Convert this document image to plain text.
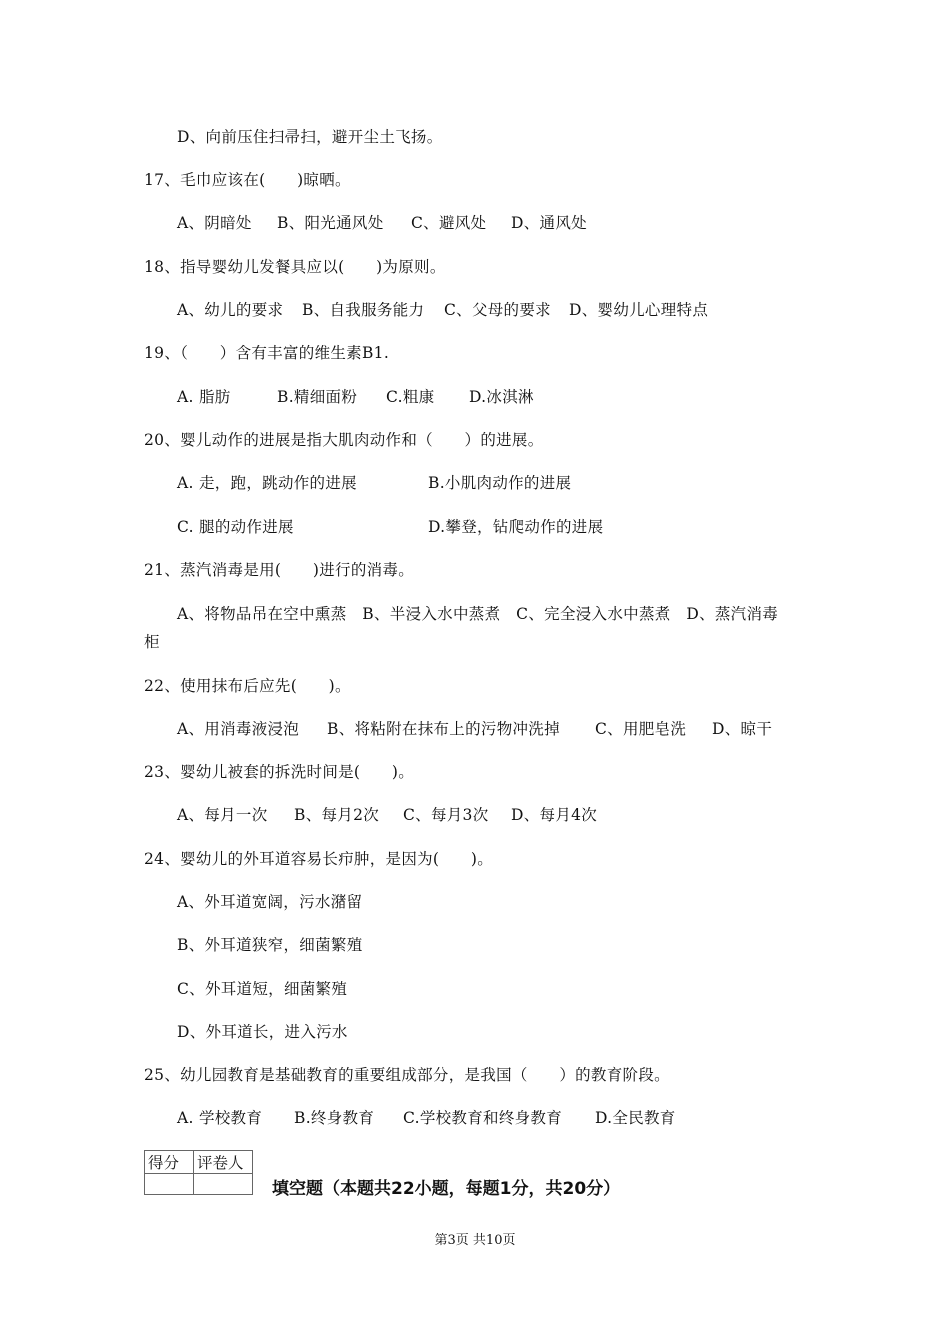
D、向前压住扫帚扫，避开尘土飞扬。
17、毛巾应该在(　　)晾晒。
A、阴暗处 B、阳光通风处 C、避风处 D、通风处
18、指导婴幼儿发餐具应以(　　)为原则。
A、幼儿的要求 B、自我服务能力 C、父母的要求 D、婴幼儿心理特点
19、（　　）含有丰富的维生素B1.
A. 脂肪	B.精细面粉 C.粗康 D.冰淇淋
20、婴儿动作的进展是指大肌肉动作和（　　）的进展。
A. 走，跑，跳动作的进展	B.小肌肉动作的进展
C. 腿的动作进展	D.攀登，钻爬动作的进展
21、蒸汽消毒是用(　　)进行的消毒。
A、将物品吊在空中熏蒸　B、半浸入水中蒸煮　C、完全浸入水中蒸煮　D、蒸汽消毒
柜
22、使用抹布后应先(　　)。
A、用消毒液浸泡 B、将粘附在抹布上的污物冲洗掉 C、用肥皂洗 D、晾干
23、婴幼儿被套的拆洗时间是(　　)。
A、每月一次 B、每月2次 C、每月3次 D、每月4次
24、婴幼儿的外耳道容易长疖肿，是因为(　　)。
A、外耳道宽阔，污水潴留
B、外耳道狭窄，细菌繁殖
C、外耳道短，细菌繁殖
D、外耳道长，进入污水
25、幼儿园教育是基础教育的重要组成部分，是我国（　　）的教育阶段。
A. 学校教育 B.终身教育 C.学校教育和终身教育 D.全民教育
得分	评卷人

填空题（本题共22小题，每题1分，共20分）
第3页 共10页
